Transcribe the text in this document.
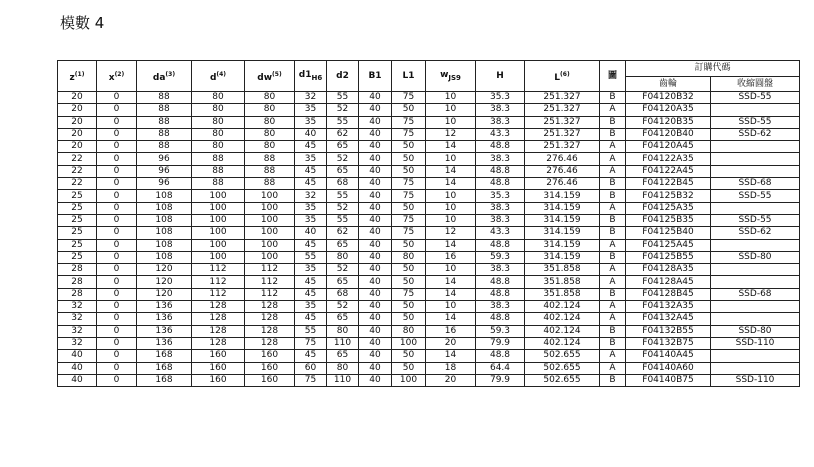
模數 4
$z^{(1)}$	$x^{(2)}$	$da^{(3)}$	$d^{(4)}$	$dw^{(5)}$	$d1_{H6}$	d2	B1	L1	$w_{JS9}$	H	$L^{(6)}$	圖	訂購代碼	
													齒輪	收縮圓盤
20	0	88	80	80	32	55	40	75	10	35.3	251.327	B	F04120B32	SSD-55
20	0	88	80	80	35	52	40	50	10	38.3	251.327	A	F04120A35	
20	0	88	80	80	35	55	40	75	10	38.3	251.327	B	F04120B35	SSD-55
20	0	88	80	80	40	62	40	75	12	43.3	251.327	B	F04120B40	SSD-62
20	0	88	80	80	45	65	40	50	14	48.8	251.327	A	F04120A45	
22	0	96	88	88	35	52	40	50	10	38.3	276.46	A	F04122A35	
22	0	96	88	88	45	65	40	50	14	48.8	276.46	A	F04122A45	
22	0	96	88	88	45	68	40	75	14	48.8	276.46	B	F04122B45	SSD-68
25	0	108	100	100	32	55	40	75	10	35.3	314.159	B	F04125B32	SSD-55
25	0	108	100	100	35	52	40	50	10	38.3	314.159	A	F04125A35	
25	0	108	100	100	35	55	40	75	10	38.3	314.159	B	F04125B35	SSD-55
25	0	108	100	100	40	62	40	75	12	43.3	314.159	B	F04125B40	SSD-62
25	0	108	100	100	45	65	40	50	14	48.8	314.159	A	F04125A45	
25	0	108	100	100	55	80	40	80	16	59.3	314.159	B	F04125B55	SSD-80
28	0	120	112	112	35	52	40	50	10	38.3	351.858	A	F04128A35	
28	0	120	112	112	45	65	40	50	14	48.8	351.858	A	F04128A45	
28	0	120	112	112	45	68	40	75	14	48.8	351.858	B	F04128B45	SSD-68
32	0	136	128	128	35	52	40	50	10	38.3	402.124	A	F04132A35	
32	0	136	128	128	45	65	40	50	14	48.8	402.124	A	F04132A45	
32	0	136	128	128	55	80	40	80	16	59.3	402.124	B	F04132B55	SSD-80
32	0	136	128	128	75	110	40	100	20	79.9	402.124	B	F04132B75	SSD-110
40	0	168	160	160	45	65	40	50	14	48.8	502.655	A	F04140A45	
40	0	168	160	160	60	80	40	50	18	64.4	502.655	A	F04140A60	
40	0	168	160	160	75	110	40	100	20	79.9	502.655	B	F04140B75	SSD-110
